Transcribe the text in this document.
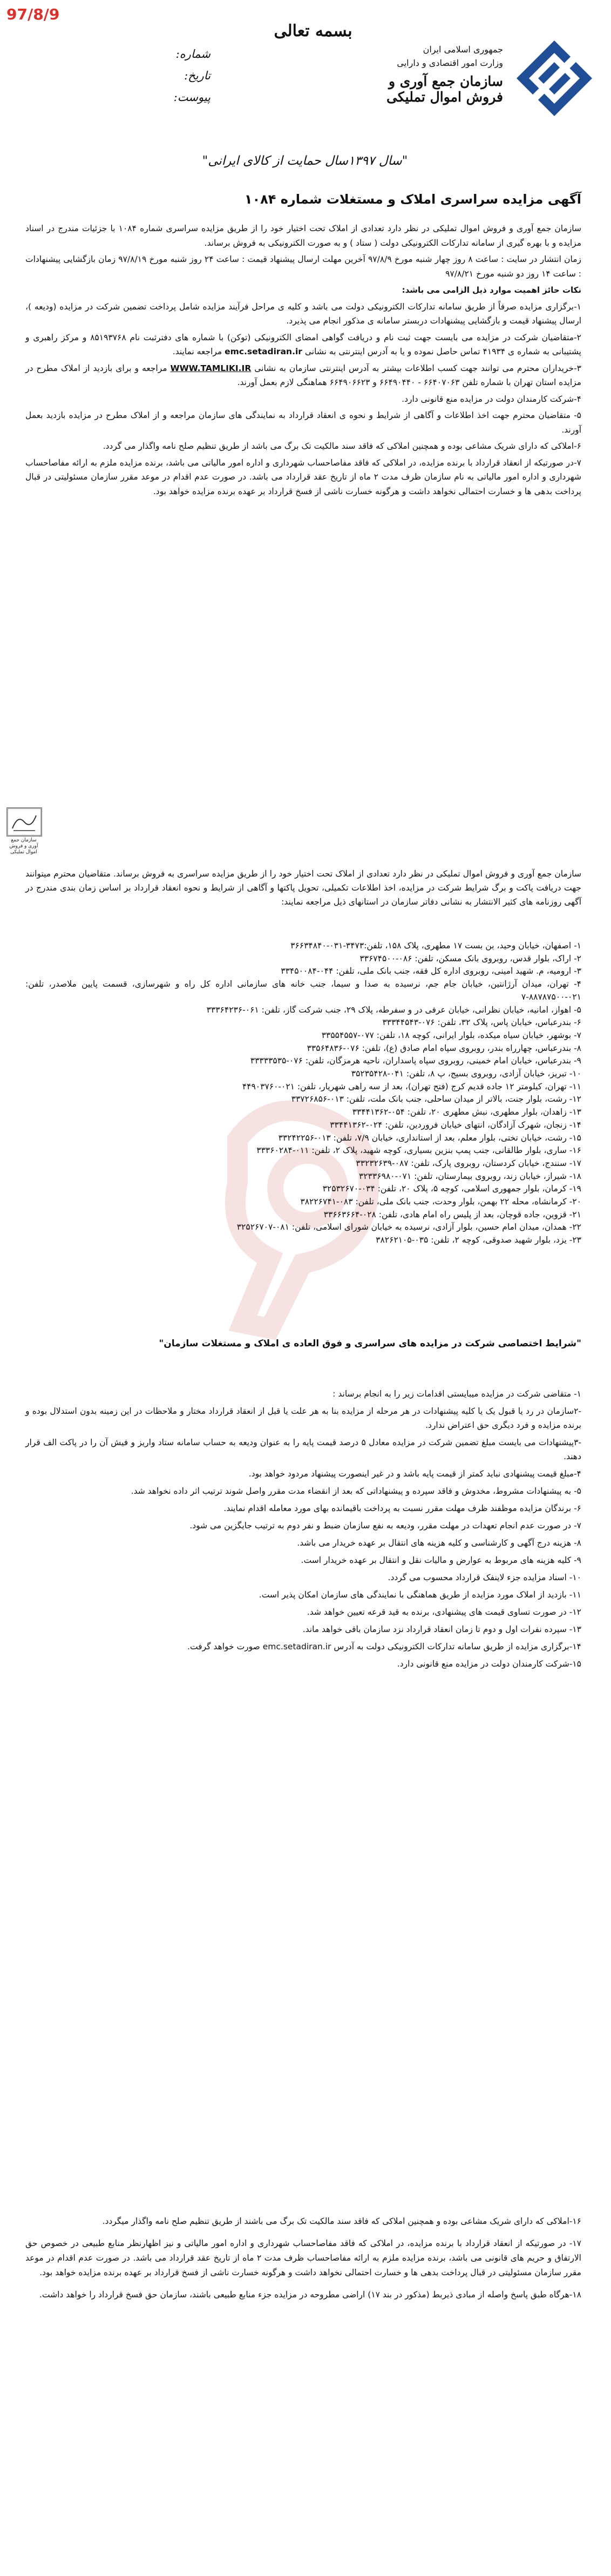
97/8/9
بسمه تعالی
جمهوری اسلامی ایران
وزارت امور اقتصادی و دارایی
سازمان جمع آوری و فروش اموال تملیکی
شماره:
تاریخ:
پیوست:
"سال ۱۳۹۷سال حمایت از کالای ایرانی"
آگهی مزایده سراسری املاک و مستغلات شماره ۱۰۸۴

سازمان جمع آوری و فروش اموال تملیکی در نظر دارد تعدادی از املاک تحت اختیار خود را از طریق مزایده سراسری شماره ۱۰۸۴ با جزئیات مندرج در اسناد مزایده و با بهره گیری از سامانه تدارکات الکترونیکی دولت ( ستاد ) و به صورت الکترونیکی به فروش برساند.

زمان انتشار در سایت : ساعت ۸ روز چهار شنبه مورخ ۹۷/۸/۹ آخرین مهلت ارسال پیشنهاد قیمت : ساعت ۲۴ روز شنبه مورخ ۹۷/۸/۱۹ زمان بازگشایی پیشنهادات : ساعت ۱۴ روز دو شنبه مورخ ۹۷/۸/۲۱

نکات حائز اهمیت موارد ذیل الزامی می باشد:

۱-برگزاری مزایده صرفاً از طریق سامانه تدارکات الکترونیکی دولت می باشد و کلیه ی مراحل فرآیند مزایده شامل پرداخت تضمین شرکت در مزایده (ودیعه )، ارسال پیشنهاد قیمت و بازگشایی پیشنهادات دربستر سامانه ی مذکور انجام می پذیرد.

۲-متقاضیان شرکت در مزایده می بایست جهت ثبت نام و دریافت گواهی امضای الکترونیکی (توکن) با شماره های دفترثبت نام ۸۵۱۹۳۷۶۸ و مرکز راهبری و پشتیبانی به شماره ی ۴۱۹۳۴ تماس حاصل نموده و یا به آدرس اینترنتی به نشانی emc.setadiran.ir مراجعه نمایند.

۳-خریداران محترم می توانند جهت کسب اطلاعات بیشتر به آدرس اینترنتی سازمان به نشانی WWW.TAMLIKI.IR مراجعه و برای بازدید از املاک مطرح در مزایده استان تهران با شماره تلفن ۶۶۴۰۷۰۶۳ - ۶۶۴۹۰۴۴۰ و ۶۶۴۹۰۶۶۲۳ هماهنگی لازم بعمل آورند.

۴-شرکت کارمندان دولت در مزایده منع قانونی دارد.

۵- متقاضیان محترم جهت اخذ اطلاعات و آگاهی از شرایط و نحوه ی انعقاد قرارداد به نمایندگی های سازمان مراجعه و از املاک مطرح در مزایده بازدید بعمل آورند.

۶-املاکی که دارای شریک مشاعی بوده و همچنین املاکی که فاقد سند مالکیت تک برگ می باشد از طریق تنظیم صلح نامه واگذار می گردد.

۷-در صورتیکه از انعقاد قرارداد با برنده مزایده، در املاکی که فاقد مفاصاحساب شهرداری و اداره امور مالیاتی می باشد، برنده مزایده ملزم به ارائه مفاصاحساب شهرداری و اداره امور مالیاتی به نام سازمان ظرف مدت ۲ ماه از تاریخ عقد قرارداد می باشد. در صورت عدم اقدام در موعد مقرر سازمان مسئولیتی در قبال پرداخت بدهی ها و خسارت احتمالی نخواهد داشت و هرگونه خسارت ناشی از فسخ قرارداد بر عهده برنده مزایده خواهد بود.

سازمان جمع آوری و فروش اموال تملیکی

سازمان جمع آوری و فروش اموال تملیکی در نظر دارد تعدادی از املاک تحت اختیار خود را از طریق مزایده سراسری به فروش برساند. متقاضیان محترم میتوانند جهت دریافت پاکت و برگ شرایط شرکت در مزایده، اخذ اطلاعات تکمیلی، تحویل پاکتها و آگاهی از شرایط و نحوه انعقاد قرارداد بر اساس زمان بندی مندرج در آگهی روزنامه های کثیر الانتشار به نشانی دفاتر سازمان در استانهای ذیل مراجعه نمایند:

۱- اصفهان، خیابان وحید، بن بست ۱۷ مطهری، پلاک ۱۵۸، تلفن:۳۴۷۳-۰۳۱-۳۶۶۳۴۸۴۰
۲- اراک، بلوار قدس، روبروی بانک مسکن، تلفن: ۰۸۶-۳۳۶۷۴۵۰۰
۳- ارومیه، م. شهید امینی، روبروی اداره کل فقه، جنب بانک ملی، تلفن: ۰۴۴-۳۳۴۵۰۰۸۴
۴- تهران، میدان آرژانتین، خیابان جام جم، نرسیده به صدا و سیما، جنب خانه های سازمانی اداره کل راه و شهرسازی، قسمت پایین ملاصدر، تلفن: ۰۲۱-۸۸۷۸۷۵۰۰-۷
۵- اهواز، امانیه، خیابان نظرانی، خیابان عرفی در و سفرطه، پلاک ۲۹، جنب شرکت گاز، تلفن: ۰۶۱-۳۳۳۶۴۲۳۶
۶- بندرعباس، خیابان پاس، پلاک ۳۲، تلفن: ۰۷۶-۳۳۳۴۴۵۴۳
۷- بوشهر، خیابان سیاه میکده، بلوار ایرانی، کوچه ۱۸، تلفن: ۰۷۷-۳۳۵۵۴۵۵۷
۸- بندرعباس، چهارراه بندر، روبروی سپاه امام صادق (ع)، تلفن: ۰۷۶-۳۳۵۶۴۸۳۶
۹- بندرعباس، خیابان امام خمینی، روبروی سپاه پاسداران، ناحیه هرمزگان، تلفن: ۰۷۶-۳۳۳۳۳۵۳۵
۱۰- تبریز، خیابان آزادی، روبروی بسیج، پ ۸، تلفن: ۰۴۱-۳۵۲۳۵۴۲۸
۱۱- تهران، کیلومتر ۱۲ جاده قدیم کرج (فتح تهران)، بعد از سه راهی شهریار، تلفن: ۰۲۱-۴۴۹۰۳۷۶۰
۱۲- رشت، بلوار جنت، بالاتر از میدان ساحلی، جنب بانک ملت، تلفن: ۰۱۳-۳۳۷۲۶۸۵۶
۱۳- زاهدان، بلوار مطهری، نبش مطهری ۲۰، تلفن: ۰۵۴-۳۳۴۴۱۳۶۲
۱۴- زنجان، شهرک آزادگان، انتهای خیابان فروردین، تلفن: ۰۲۴-۳۳۴۴۱۳۶۲
۱۵- رشت، خیابان تختی، بلوار معلم، بعد از استانداری، خیابان ۷/۹، تلفن: ۰۱۳-۳۳۲۴۲۲۵۶
۱۶- ساری، بلوار طالقانی، جنب پمپ بنزین بسیاری، کوچه شهید، پلاک ۲، تلفن: ۰۱۱-۳۳۳۶۰۲۸۴
۱۷- سنندج، خیابان کردستان، روبروی پارک، تلفن: ۰۸۷-۳۳۲۳۲۶۳۹
۱۸- شیراز، خیابان زند، روبروی بیمارستان، تلفن: ۰۷۱-۳۲۳۳۶۹۸۰
۱۹- کرمان، بلوار جمهوری اسلامی، کوچه ۵، پلاک ۲۰، تلفن: ۰۳۴-۳۲۵۳۲۶۷۰
۲۰- کرمانشاه، محله ۲۲ بهمن، بلوار وحدت، جنب بانک ملی، تلفن: ۰۸۳-۳۸۲۲۶۷۴۱
۲۱- قزوین، جاده قوچان، بعد از پلیس راه امام هادی، تلفن: ۰۲۸-۳۳۶۶۳۶۶۴
۲۲- همدان، میدان امام حسین، بلوار آزادی، نرسیده به خیابان شورای اسلامی، تلفن: ۰۸۱-۳۲۵۲۶۷۰۷
۲۳- یزد، بلوار شهید صدوقی، کوچه ۲، تلفن: ۰۳۵-۳۸۲۶۲۱۰۵
"شرایط اختصاصی شرکت در مزایده های سراسری و فوق العاده ی املاک و مستغلات سازمان"
۱- متقاضی شرکت در مزایده میبایستی اقدامات زیر را به انجام برساند :
-۲سازمان در رد یا قبول یک یا کلیه پیشنهادات در هر مرحله از مزایده بنا به هر علت یا قبل از انعقاد قرارداد مختار و ملاحظات در این زمینه بدون استدلال بوده و برنده مزایده و فرد دیگری حق اعتراض ندارد.
-۳پیشنهادات می بایست مبلغ تضمین شرکت در مزایده معادل ۵ درصد قیمت پایه را به عنوان ودیعه به حساب سامانه ستاد واریز و فیش آن را در پاکت الف قرار دهند.
۴-مبلغ قیمت پیشنهادی نباید کمتر از قیمت پایه باشد و در غیر اینصورت پیشنهاد مردود خواهد بود.
۵- به پیشنهادات مشروط، مخدوش و فاقد سپرده و پیشنهاداتی که بعد از انقضاء مدت مقرر واصل شوند ترتیب اثر داده نخواهد شد.
۶- برندگان مزایده موظفند ظرف مهلت مقرر نسبت به پرداخت باقیمانده بهای مورد معامله اقدام نمایند.
۷- در صورت عدم انجام تعهدات در مهلت مقرر، ودیعه به نفع سازمان ضبط و نفر دوم به ترتیب جایگزین می شود.
۸- هزینه درج آگهی و کارشناسی و کلیه هزینه های انتقال بر عهده خریدار می باشد.
۹- کلیه هزینه های مربوط به عوارض و مالیات نقل و انتقال بر عهده خریدار است.
۱۰- اسناد مزایده جزء لاینفک قرارداد محسوب می گردد.
۱۱- بازدید از املاک مورد مزایده از طریق هماهنگی با نمایندگی های سازمان امکان پذیر است.
۱۲- در صورت تساوی قیمت های پیشنهادی، برنده به قید قرعه تعیین خواهد شد.
۱۳- سپرده نفرات اول و دوم تا زمان انعقاد قرارداد نزد سازمان باقی خواهد ماند.
۱۴-برگزاری مزایده از طریق سامانه تدارکات الکترونیکی دولت به آدرس emc.setadiran.ir صورت خواهد گرفت.
۱۵-شرکت کارمندان دولت در مزایده منع قانونی دارد.
۱۶-املاکی که دارای شریک مشاعی بوده و همچنین املاکی که فاقد سند مالکیت تک برگ می باشند از طریق تنظیم صلح نامه واگذار میگردد.
۱۷- در صورتیکه از انعقاد قرارداد با برنده مزایده، در املاکی که فاقد مفاصاحساب شهرداری و اداره امور مالیاتی و نیز اظهارنظر منابع طبیعی در خصوص حق الارتفاق و حریم های قانونی می باشد، برنده مزایده ملزم به ارائه مفاصاحساب ظرف مدت ۲ ماه از تاریخ عقد قرارداد می باشد. در صورت عدم اقدام در موعد مقرر سازمان مسئولیتی در قبال پرداخت بدهی ها و خسارت احتمالی نخواهد داشت و هرگونه خسارت ناشی از فسخ قرارداد بر عهده برنده مزایده خواهد بود.
۱۸-هرگاه طبق پاسخ واصله از مبادی ذیربط (مذکور در بند ۱۷) اراضی مطروحه در مزایده جزء منابع طبیعی باشند، سازمان حق فسخ قرارداد را خواهد داشت.
